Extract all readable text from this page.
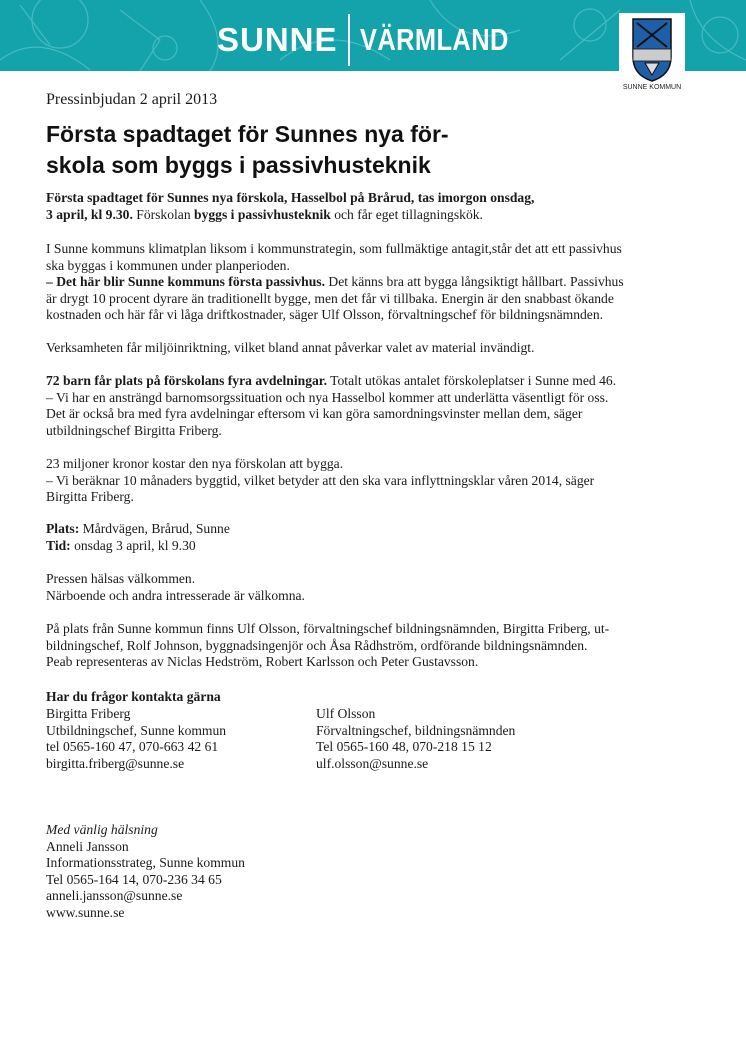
SUNNE VÄRMLAND
SUNNE KOMMUN
Pressinbjudan 2 april 2013
Första spadtaget för Sunnes nya för-
skola som byggs i passivhusteknik
Första spadtaget för Sunnes nya förskola, Hasselbol på Brårud, tas imorgon onsdag,
3 april, kl 9.30. Förskolan byggs i passivhusteknik och får eget tillagningskök.
I Sunne kommuns klimatplan liksom i kommunstrategin, som fullmäktige antagit,står det att ett passivhus
ska byggas i kommunen under planperioden.
– Det här blir Sunne kommuns första passivhus. Det känns bra att bygga långsiktigt hållbart. Passivhus
är drygt 10 procent dyrare än traditionellt bygge, men det får vi tillbaka. Energin är den snabbast ökande
kostnaden och här får vi låga driftkostnader, säger Ulf Olsson, förvaltningschef för bildningsnämnden.
Verksamheten får miljöinriktning, vilket bland annat påverkar valet av material invändigt.
72 barn får plats på förskolans fyra avdelningar. Totalt utökas antalet förskoleplatser i Sunne med 46.
– Vi har en ansträngd barnomsorgssituation och nya Hasselbol kommer att underlätta väsentligt för oss.
Det är också bra med fyra avdelningar eftersom vi kan göra samordningsvinster mellan dem, säger
utbildningschef Birgitta Friberg.
23 miljoner kronor kostar den nya förskolan att bygga.
– Vi beräknar 10 månaders byggtid, vilket betyder att den ska vara inflyttningsklar våren 2014, säger
Birgitta Friberg.
Plats: Mårdvägen, Brårud, Sunne
Tid: onsdag 3 april, kl 9.30
Pressen hälsas välkommen.
Närboende och andra intresserade är välkomna.
På plats från Sunne kommun finns Ulf Olsson, förvaltningschef bildningsnämnden, Birgitta Friberg, ut-
bildningschef, Rolf Johnson, byggnadsingenjör och Åsa Rådhström, ordförande bildningsnämnden.
Peab representeras av Niclas Hedström, Robert Karlsson och Peter Gustavsson.
Har du frågor kontakta gärna
Birgitta Friberg
Utbildningschef, Sunne kommun
tel 0565-160 47, 070-663 42 61
birgitta.friberg@sunne.se
Ulf Olsson
Förvaltningschef, bildningsnämnden
Tel 0565-160 48, 070-218 15 12
ulf.olsson@sunne.se
Med vänlig hälsning
Anneli Jansson
Informationsstrateg, Sunne kommun
Tel 0565-164 14, 070-236 34 65
anneli.jansson@sunne.se
www.sunne.se
